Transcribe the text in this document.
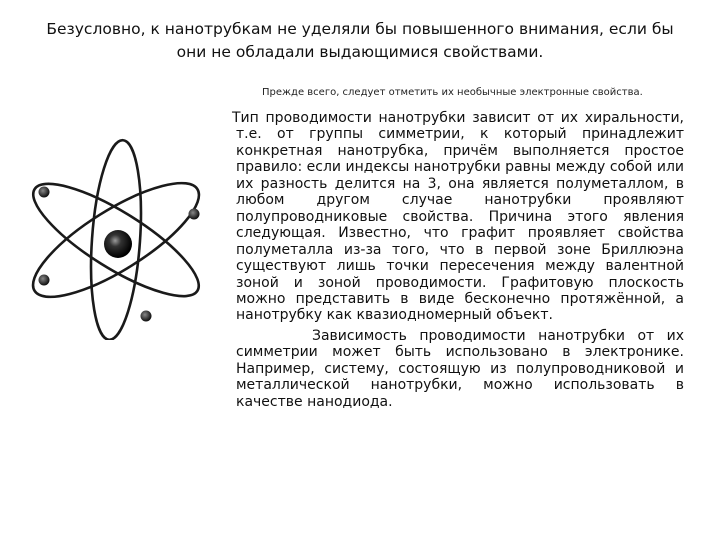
Безусловно, к нанотрубкам не уделяли бы повышенного внимания, если бы они не обладали выдающимися свойствами.
Прежде всего, следует отметить их необычные электронные свойства.

Тип проводимости нанотрубки зависит от их хиральности, т.е. от группы симметрии, к который принадлежит конкретная нанотрубка, причём выполняется простое правило: если индексы нанотрубки равны между собой или их разность делится на 3, она является полуметаллом, в любом другом случае нанотрубки проявляют полупроводниковые свойства. Причина этого явления следующая. Известно, что графит проявляет свойства полуметалла из-за того, что в первой зоне Бриллюэна существуют лишь точки пересечения между валентной зоной и зоной проводимости. Графитовую плоскость можно представить в виде бесконечно протяжённой, а нанотрубку как квазиодномерный объект.

Зависимость проводимости нанотрубки от их симметрии может быть использовано в электронике. Например, систему, состоящую из полупроводниковой и металлической нанотрубки, можно использовать в качестве нанодиода.
